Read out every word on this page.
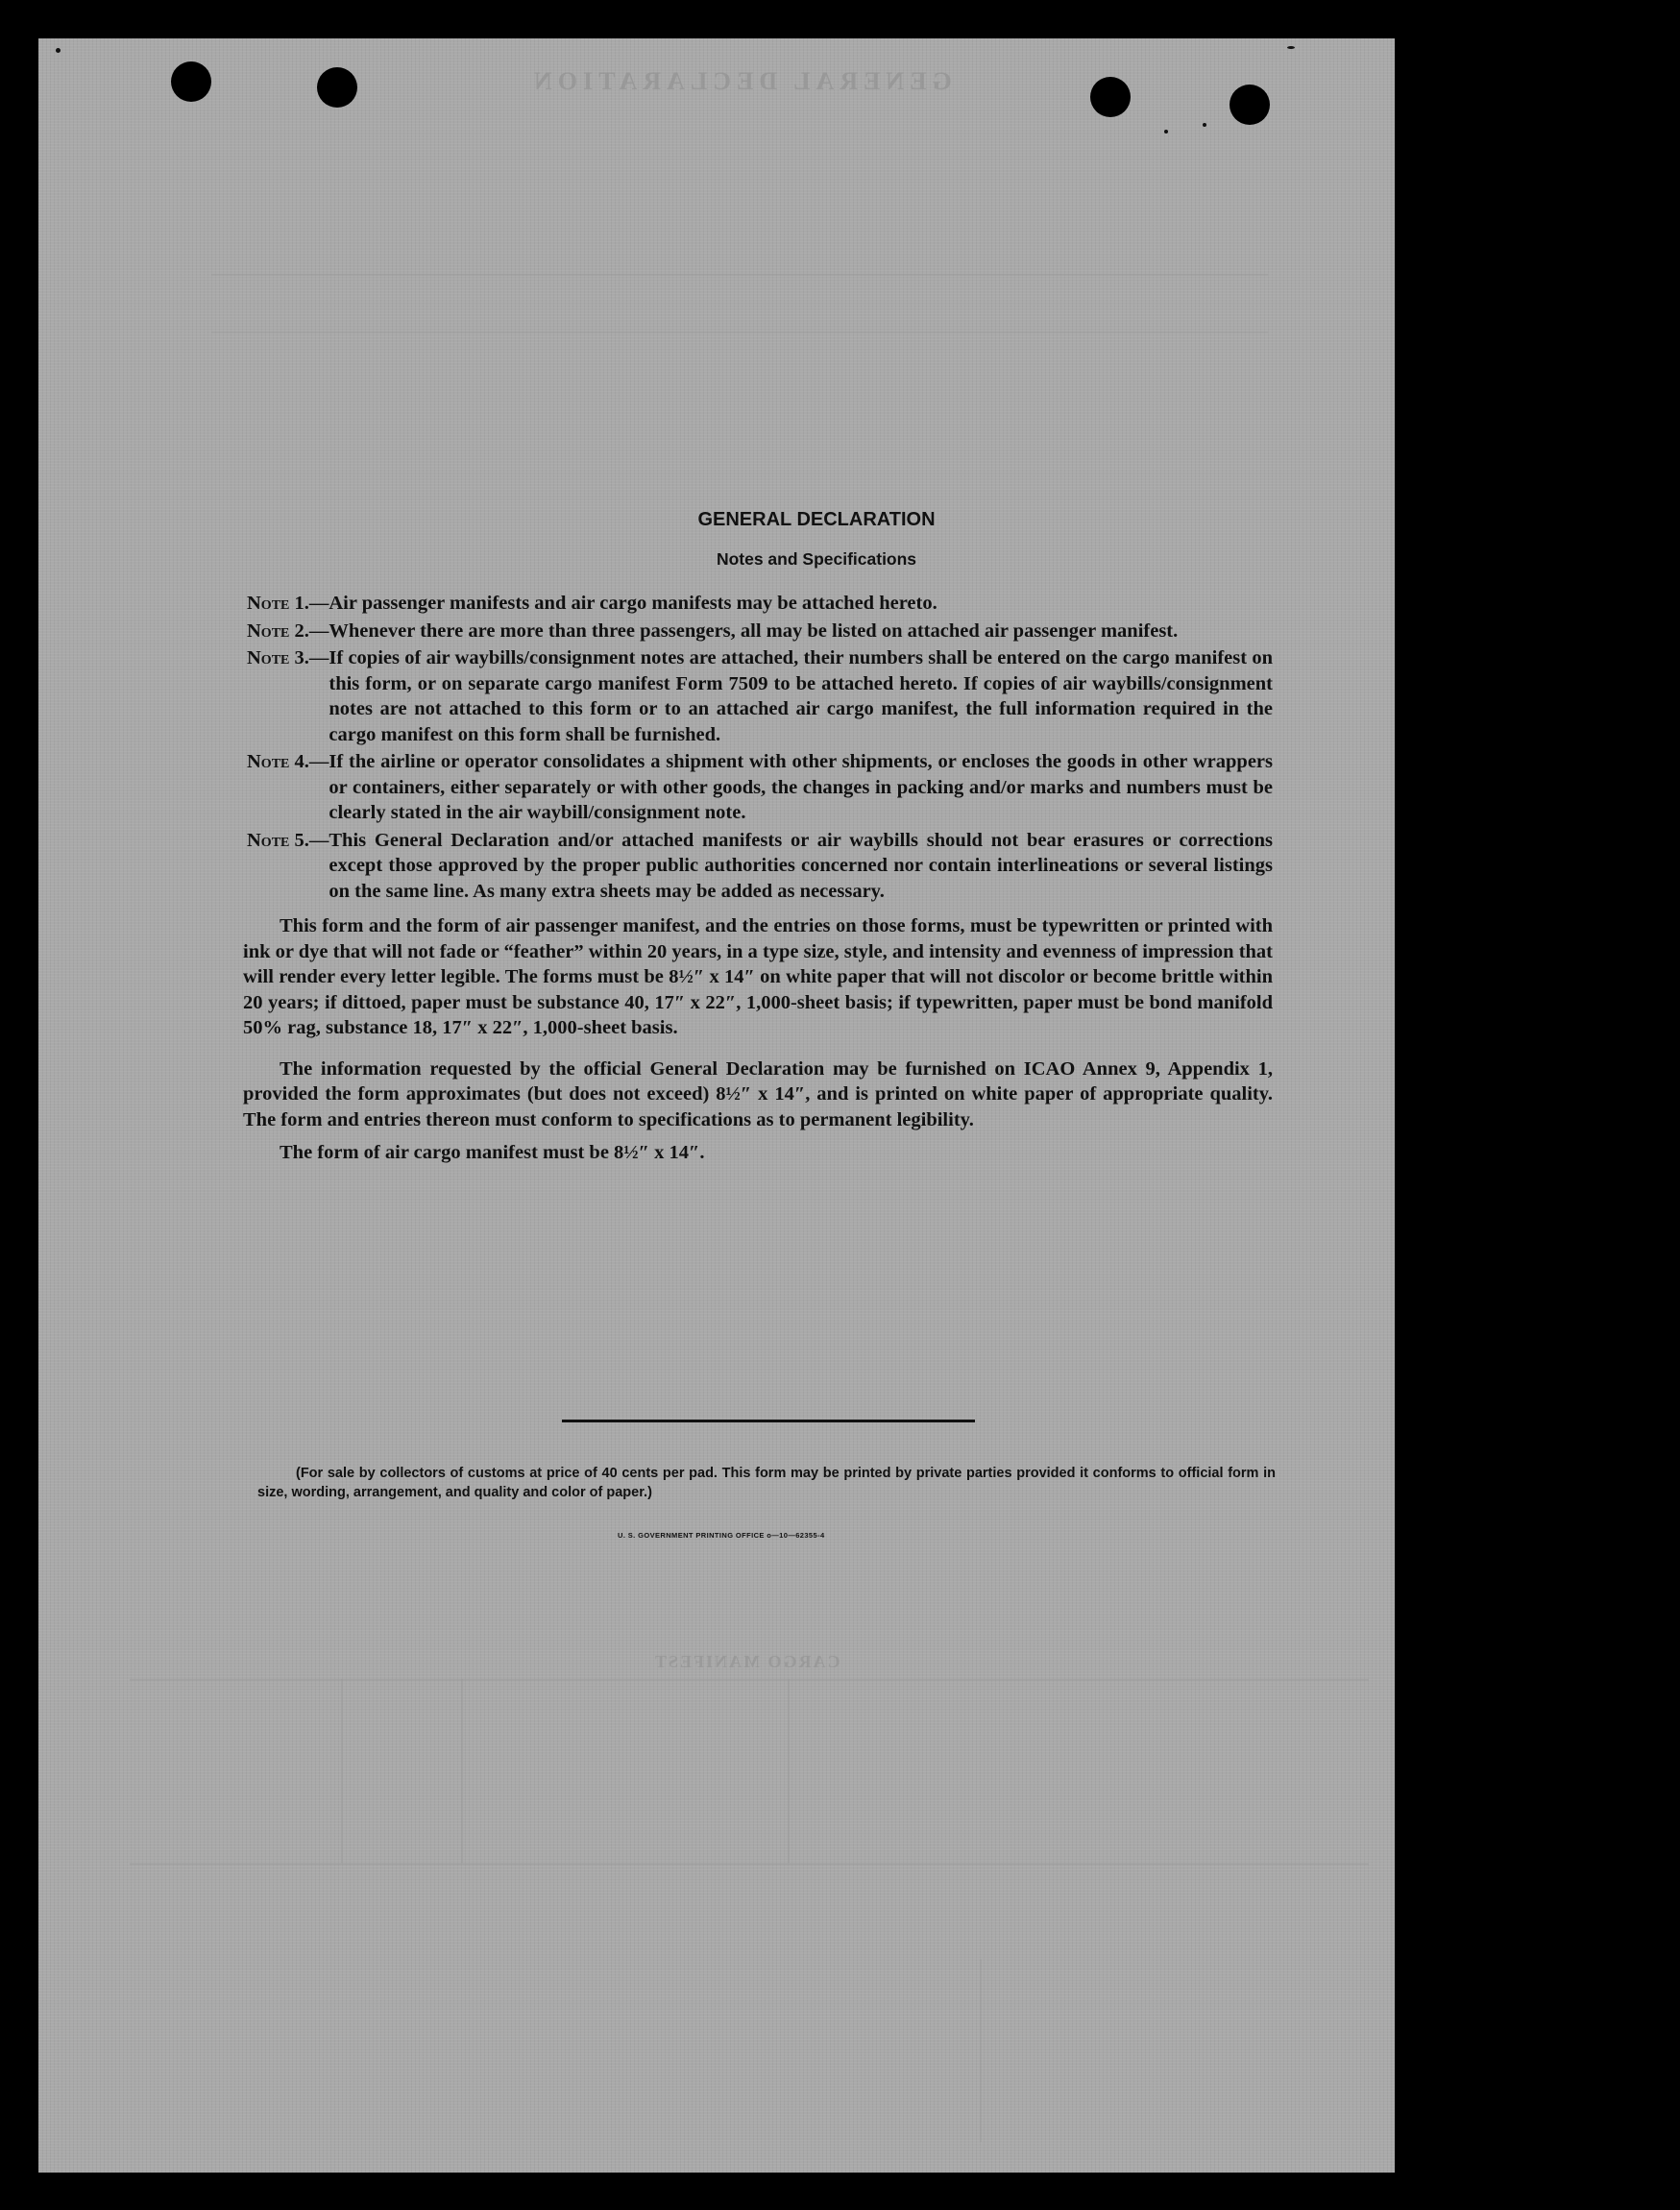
GENERAL DECLARATION
CARGO MANIFEST
GENERAL DECLARATION
Notes and Specifications
Note 1. — Air passenger manifests and air cargo manifests may be attached hereto.
Note 2. — Whenever there are more than three passengers, all may be listed on attached air passenger manifest.
Note 3. — If copies of air waybills/consignment notes are attached, their numbers shall be entered on the cargo manifest on this form, or on separate cargo manifest Form 7509 to be attached hereto. If copies of air waybills/consignment notes are not attached to this form or to an attached air cargo manifest, the full information required in the cargo manifest on this form shall be furnished.
Note 4. — If the airline or operator consolidates a shipment with other shipments, or encloses the goods in other wrappers or containers, either separately or with other goods, the changes in packing and/or marks and numbers must be clearly stated in the air waybill/consignment note.
Note 5. — This General Declaration and/or attached manifests or air waybills should not bear erasures or corrections except those approved by the proper public authorities concerned nor contain interlineations or several listings on the same line. As many extra sheets may be added as necessary.
This form and the form of air passenger manifest, and the entries on those forms, must be typewritten or printed with ink or dye that will not fade or “feather” within 20 years, in a type size, style, and intensity and evenness of impression that will render every letter legible. The forms must be 8½″ x 14″ on white paper that will not discolor or become brittle within 20 years; if dittoed, paper must be substance 40, 17″ x 22″, 1,000-sheet basis; if typewritten, paper must be bond manifold 50% rag, substance 18, 17″ x 22″, 1,000-sheet basis.
The information requested by the official General Declaration may be furnished on ICAO Annex 9, Appendix 1, provided the form approximates (but does not exceed) 8½″ x 14″, and is printed on white paper of appropriate quality. The form and entries thereon must conform to specifications as to permanent legibility.
The form of air cargo manifest must be 8½″ x 14″.
(For sale by collectors of customs at price of 40 cents per pad. This form may be printed by private parties provided it conforms to official form in size, wording, arrangement, and quality and color of paper.)
U. S. GOVERNMENT PRINTING OFFICE o—10—62355-4
